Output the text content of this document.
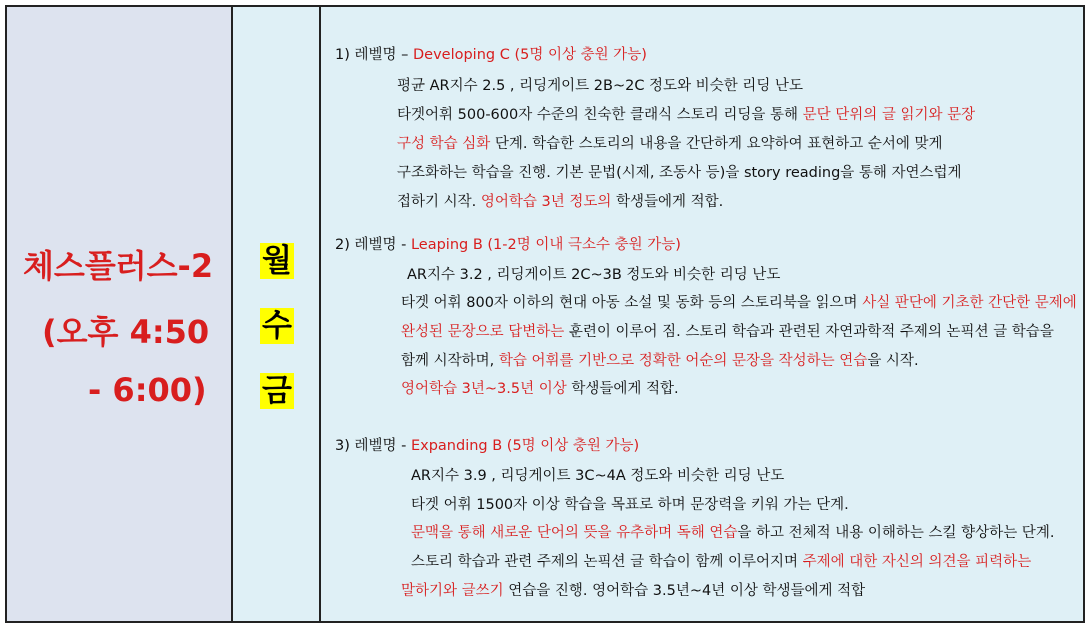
체스플러스-2
(오후 4:50
- 6:00)
월
수
금
1) 레벨명 – Developing C (5명 이상 충원 가능)
평균 AR지수 2.5 , 리딩게이트 2B~2C 정도와 비슷한 리딩 난도
타겟어휘 500-600자 수준의 친숙한 클래식 스토리 리딩을 통해 문단 단위의 글 읽기와 문장
구성 학습 심화 단계. 학습한 스토리의 내용을 간단하게 요약하여 표현하고 순서에 맞게
구조화하는 학습을 진행. 기본 문법(시제, 조동사 등)을 story reading을 통해 자연스럽게
접하기 시작. 영어학습 3년 정도의 학생들에게 적합.
2) 레벨명 - Leaping B (1-2명 이내 극소수 충원 가능)
AR지수 3.2 , 리딩게이트 2C~3B 정도와 비슷한 리딩 난도
타겟 어휘 800자 이하의 현대 아동 소설 및 동화 등의 스토리북을 읽으며 사실 판단에 기초한 간단한 문제에
완성된 문장으로 답변하는 훈련이 이루어 짐. 스토리 학습과 관련된 자연과학적 주제의 논픽션 글 학습을
함께 시작하며, 학습 어휘를 기반으로 정확한 어순의 문장을 작성하는 연습을 시작.
영어학습 3년~3.5년 이상 학생들에게 적합.
3) 레벨명 - Expanding B (5명 이상 충원 가능)
AR지수 3.9 , 리딩게이트 3C~4A 정도와 비슷한 리딩 난도
타겟 어휘 1500자 이상 학습을 목표로 하며 문장력을 키워 가는 단계.
문맥을 통해 새로운 단어의 뜻을 유추하며 독해 연습을 하고 전체적 내용 이해하는 스킬 향상하는 단계.
스토리 학습과 관련 주제의 논픽션 글 학습이 함께 이루어지며 주제에 대한 자신의 의견을 피력하는
말하기와 글쓰기 연습을 진행. 영어학습 3.5년~4년 이상 학생들에게 적합
